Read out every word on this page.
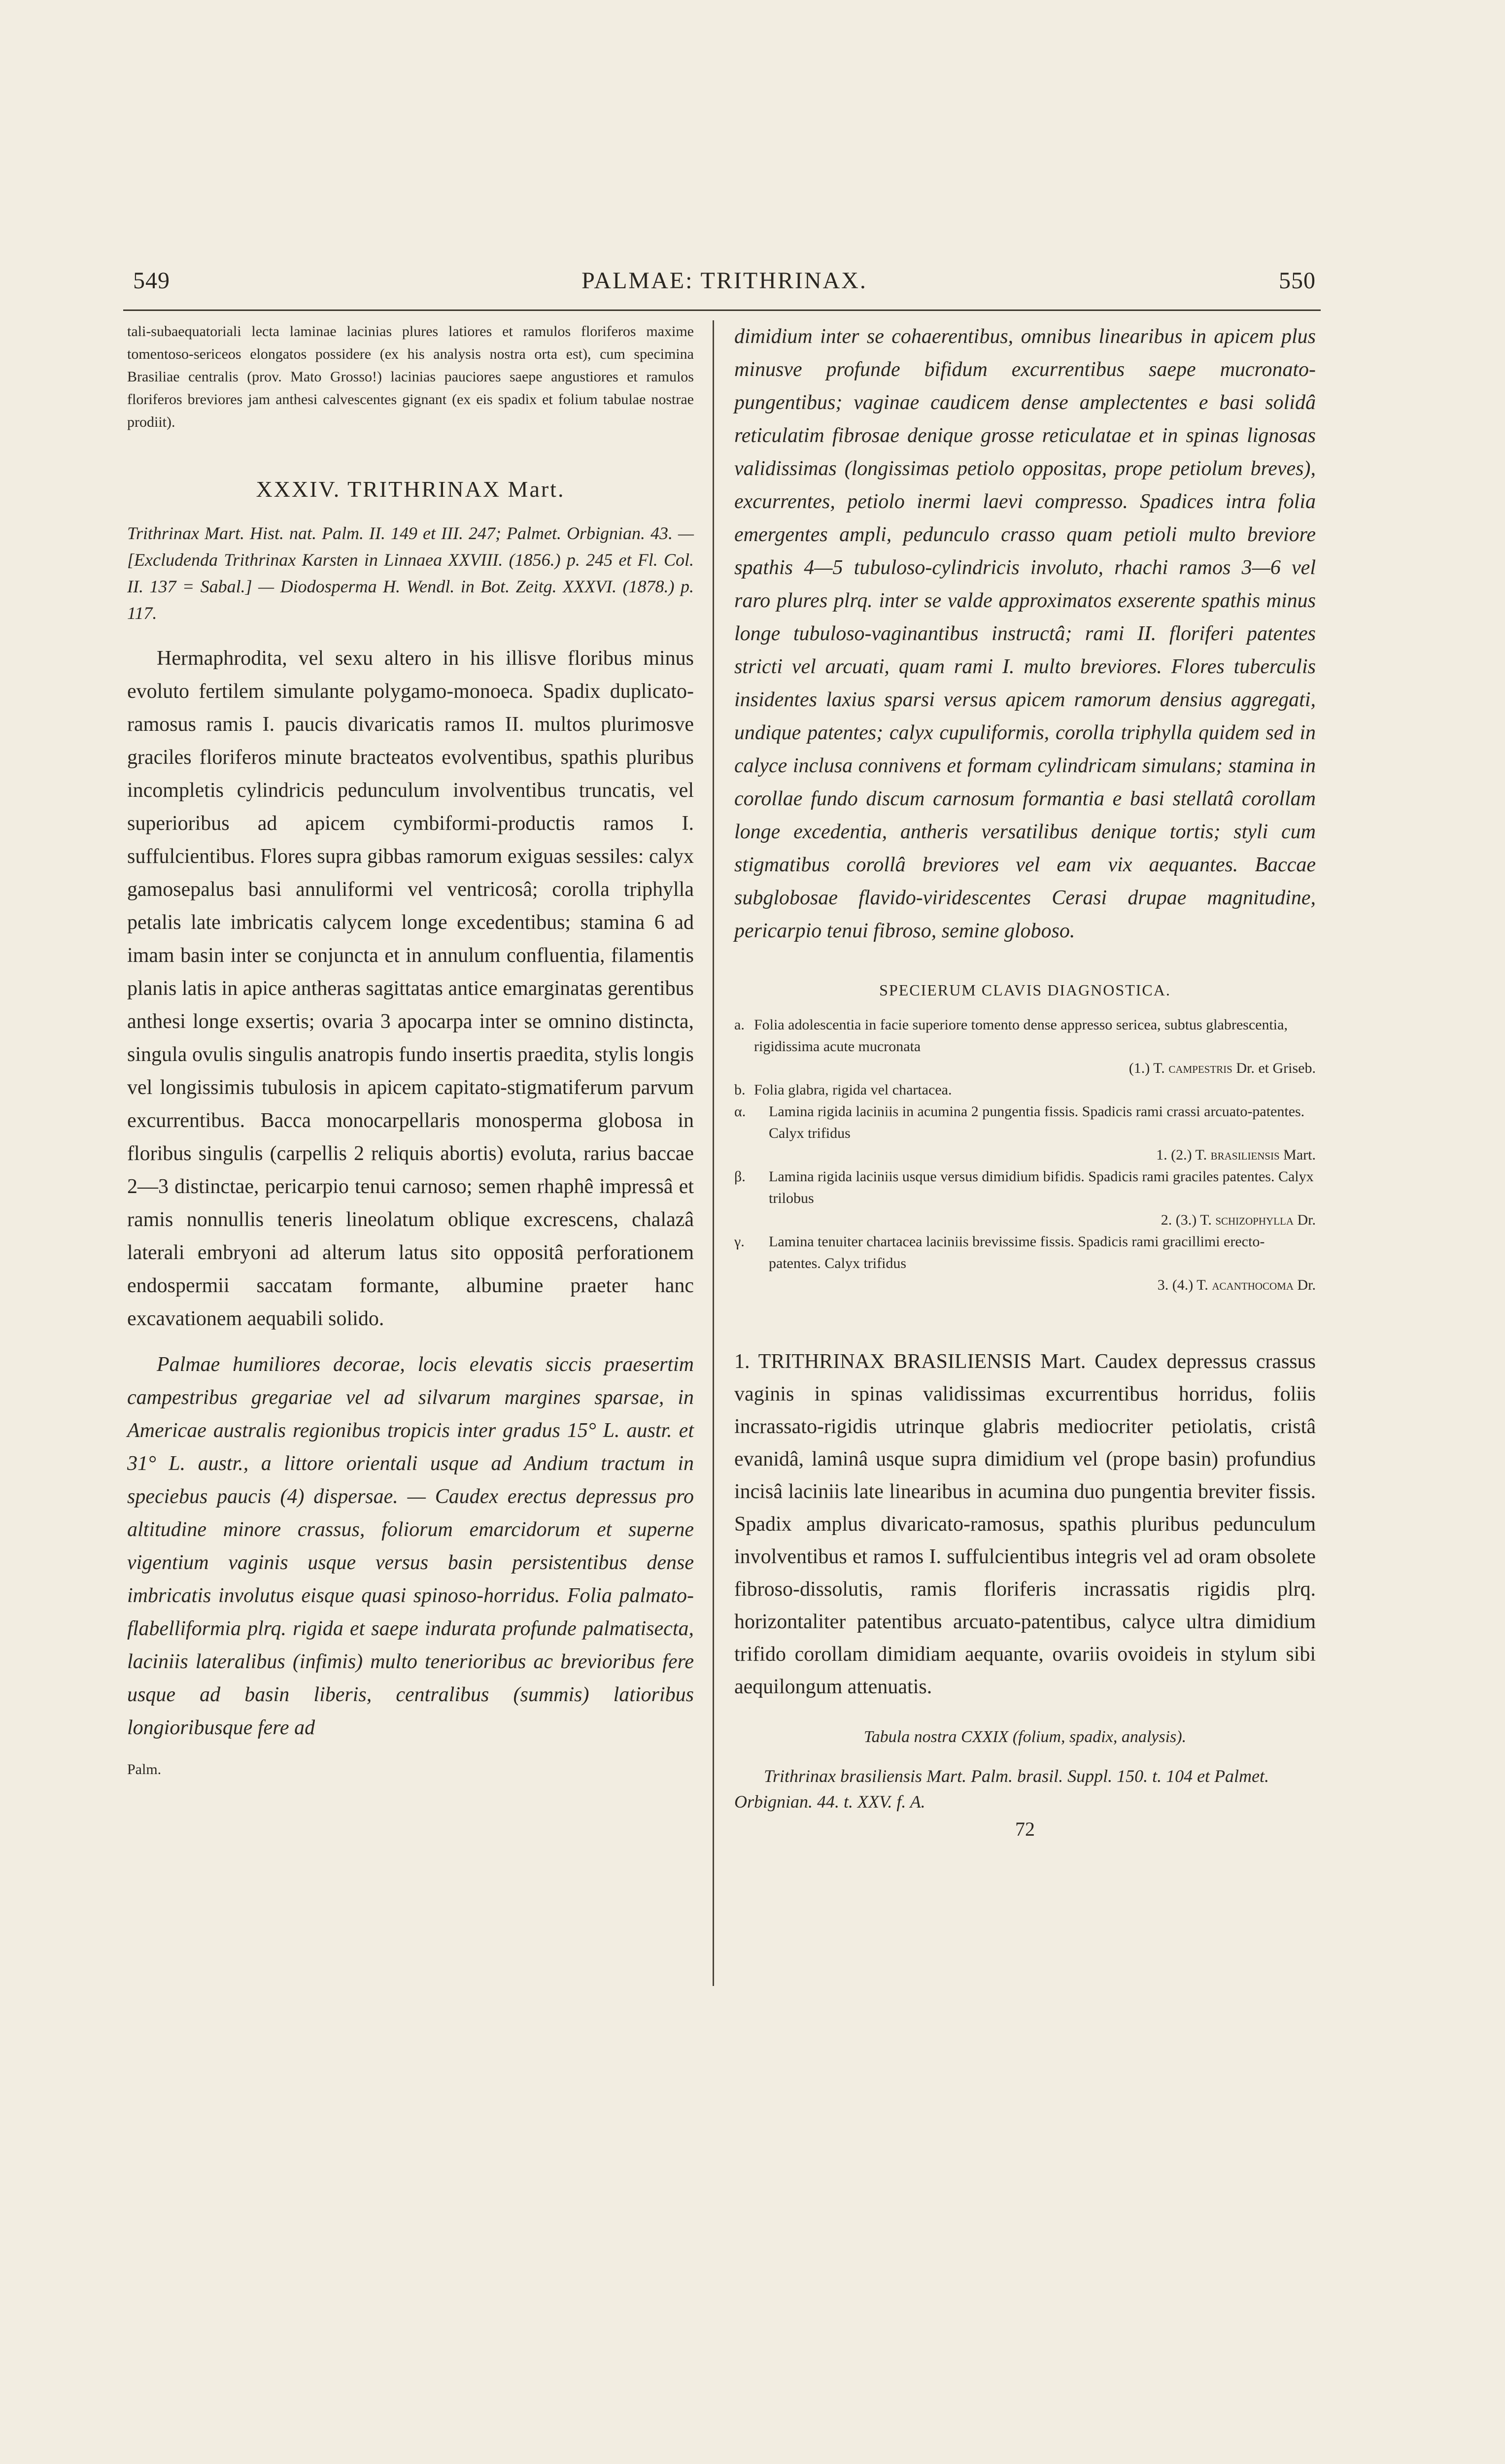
549	PALMAE: TRITHRINAX.	550

tali-subaequatoriali lecta laminae lacinias plures latiores et ramulos floriferos maxime tomentoso-sericeos elongatos possidere (ex his analysis nostra orta est), cum specimina Brasiliae centralis (prov. Mato Grosso!) lacinias pauciores saepe angustiores et ramulos floriferos breviores jam anthesi calvescentes gignant (ex eis spadix et folium tabulae nostrae prodiit).

XXXIV. TRITHRINAX Mart.

Trithrinax Mart. Hist. nat. Palm. II. 149 et III. 247; Palmet. Orbignian. 43. — [Excludenda Trithrinax Karsten in Linnaea XXVIII. (1856.) p. 245 et Fl. Col. II. 137 = Sabal.] — Diodosperma H. Wendl. in Bot. Zeitg. XXXVI. (1878.) p. 117.

Hermaphrodita, vel sexu altero in his illisve floribus minus evoluto fertilem simulante polygamo-monoeca. Spadix duplicato-ramosus ramis I. paucis divaricatis ramos II. multos plurimosve graciles floriferos minute bracteatos evolventibus, spathis pluribus incompletis cylindricis pedunculum involventibus truncatis, vel superioribus ad apicem cymbiformi-productis ramos I. suffulcientibus. Flores supra gibbas ramorum exiguas sessiles: calyx gamosepalus basi annuliformi vel ventricosâ; corolla triphylla petalis late imbricatis calycem longe excedentibus; stamina 6 ad imam basin inter se conjuncta et in annulum confluentia, filamentis planis latis in apice antheras sagittatas antice emarginatas gerentibus anthesi longe exsertis; ovaria 3 apocarpa inter se omnino distincta, singula ovulis singulis anatropis fundo insertis praedita, stylis longis vel longissimis tubulosis in apicem capitato-stigmatiferum parvum excurrentibus. Bacca monocarpellaris monosperma globosa in floribus singulis (carpellis 2 reliquis abortis) evoluta, rarius baccae 2—3 distinctae, pericarpio tenui carnoso; semen rhaphê impressâ et ramis nonnullis teneris lineolatum oblique excrescens, chalazâ laterali embryoni ad alterum latus sito oppositâ perforationem endospermii saccatam formante, albumine praeter hanc excavationem aequabili solido.

Palmae humiliores decorae, locis elevatis siccis praesertim campestribus gregariae vel ad silvarum margines sparsae, in Americae australis regionibus tropicis inter gradus 15° L. austr. et 31° L. austr., a littore orientali usque ad Andium tractum in speciebus paucis (4) dispersae. — Caudex erectus depressus pro altitudine minore crassus, foliorum emarcidorum et superne vigentium vaginis usque versus basin persistentibus dense imbricatis involutus eisque quasi spinoso-horridus. Folia palmato-flabelliformia plrq. rigida et saepe indurata profunde palmatisecta, laciniis lateralibus (infimis) multo tenerioribus ac brevioribus fere usque ad basin liberis, centralibus (summis) latioribus longioribusque fere ad

Palm.

dimidium inter se cohaerentibus, omnibus linearibus in apicem plus minusve profunde bifidum excurrentibus saepe mucronato-pungentibus; vaginae caudicem dense amplectentes e basi solidâ reticulatim fibrosae denique grosse reticulatae et in spinas lignosas validissimas (longissimas petiolo oppositas, prope petiolum breves), excurrentes, petiolo inermi laevi compresso. Spadices intra folia emergentes ampli, pedunculo crasso quam petioli multo breviore spathis 4—5 tubuloso-cylindricis involuto, rhachi ramos 3—6 vel raro plures plrq. inter se valde approximatos exserente spathis minus longe tubuloso-vaginantibus instructâ; rami II. floriferi patentes stricti vel arcuati, quam rami I. multo breviores. Flores tuberculis insidentes laxius sparsi versus apicem ramorum densius aggregati, undique patentes; calyx cupuliformis, corolla triphylla quidem sed in calyce inclusa connivens et formam cylindricam simulans; stamina in corollae fundo discum carnosum formantia e basi stellatâ corollam longe excedentia, antheris versatilibus denique tortis; styli cum stigmatibus corollâ breviores vel eam vix aequantes. Baccae subglobosae flavido-viridescentes Cerasi drupae magnitudine, pericarpio tenui fibroso, semine globoso.

SPECIERUM CLAVIS DIAGNOSTICA.
a. Folia adolescentia in facie superiore tomento dense appresso sericea, subtus glabrescentia, rigidissima acute mucronata
(1.) T. campestris Dr. et Griseb.
b. Folia glabra, rigida vel chartacea.
α.	Lamina rigida laciniis in acumina 2 pungentia fissis. Spadicis rami crassi arcuato-patentes. Calyx trifidus
1. (2.) T. brasiliensis Mart.
β.	Lamina rigida laciniis usque versus dimidium bifidis. Spadicis rami graciles patentes. Calyx trilobus
2. (3.) T. schizophylla Dr.
γ.	Lamina tenuiter chartacea laciniis brevissime fissis. Spadicis rami gracillimi erecto-patentes. Calyx trifidus
3. (4.) T. acanthocoma Dr.

1. TRITHRINAX BRASILIENSIS Mart. Caudex depressus crassus vaginis in spinas validissimas excurrentibus horridus, foliis incrassato-rigidis utrinque glabris mediocriter petiolatis, cristâ evanidâ, laminâ usque supra dimidium vel (prope basin) profundius incisâ laciniis late linearibus in acumina duo pungentia breviter fissis. Spadix amplus divaricato-ramosus, spathis pluribus pedunculum involventibus et ramos I. suffulcientibus integris vel ad oram obsolete fibroso-dissolutis, ramis floriferis incrassatis rigidis plrq. horizontaliter patentibus arcuato-patentibus, calyce ultra dimidium trifido corollam dimidiam aequante, ovariis ovoideis in stylum sibi aequilongum attenuatis.

Tabula nostra CXXIX (folium, spadix, analysis).

Trithrinax brasiliensis Mart. Palm. brasil. Suppl. 150. t. 104 et Palmet. Orbignian. 44. t. XXV. f. A.

72
